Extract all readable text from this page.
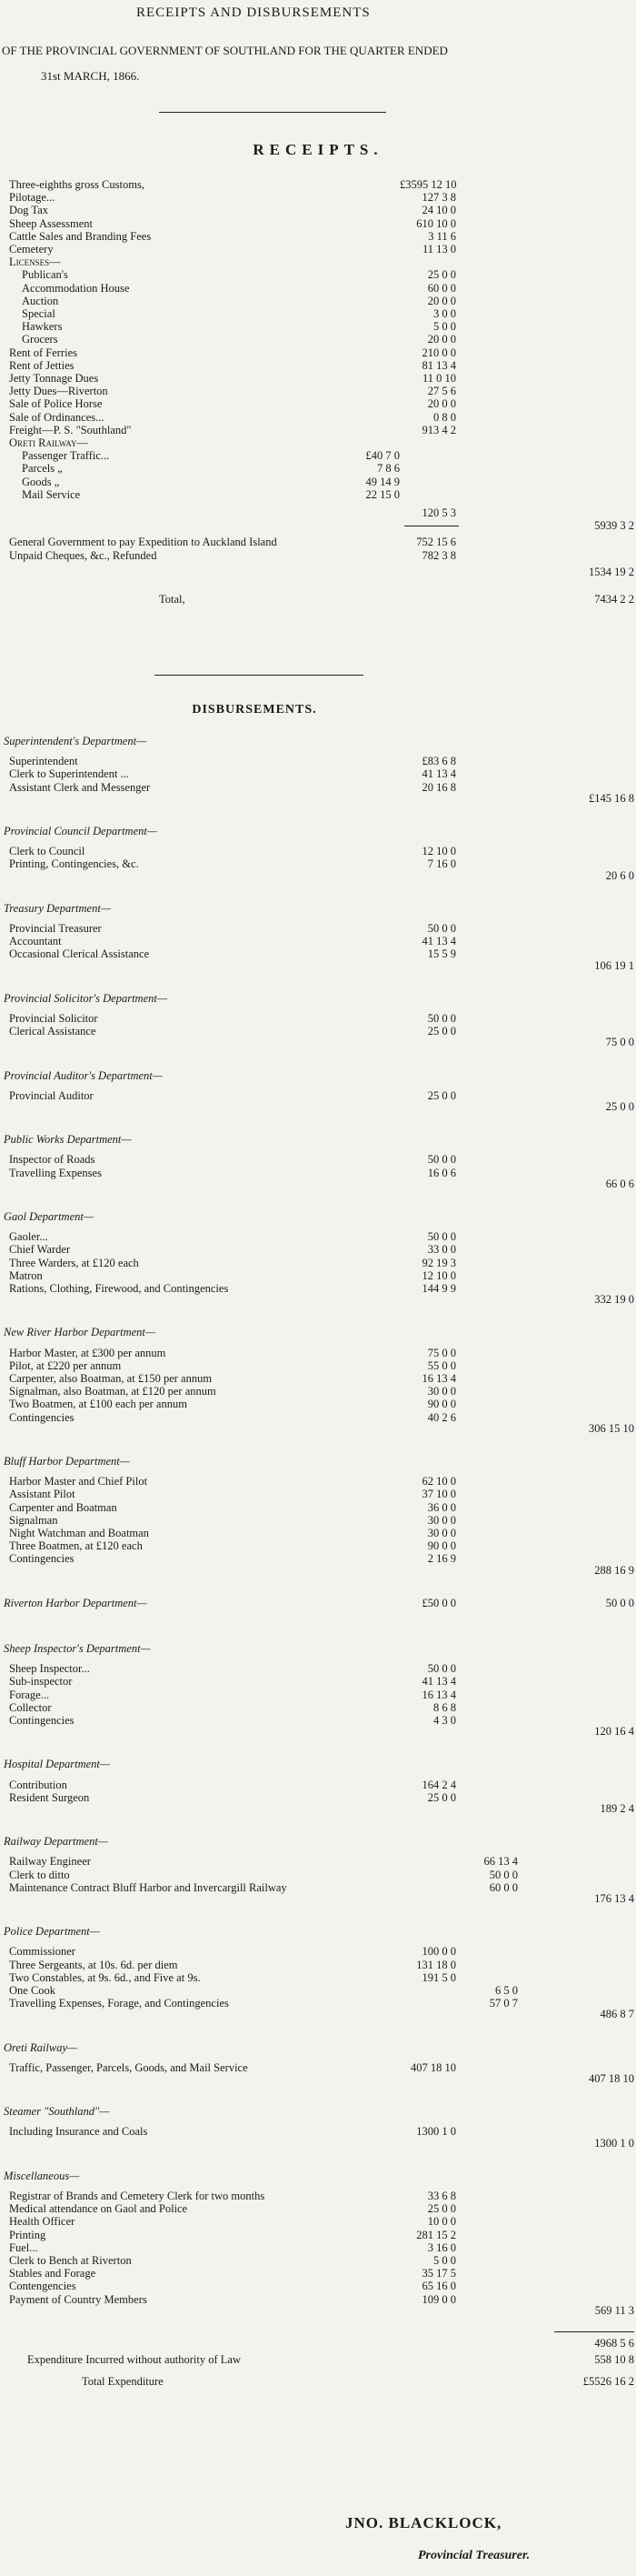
RECEIPTS AND DISBURSEMENTS
OF THE PROVINCIAL GOVERNMENT OF SOUTHLAND FOR THE QUARTER ENDED
31st MARCH, 1866.
RECEIPTS.
Three-eighths gross Customs,	£3595 12 10
Pilotage...	127 3 8
Dog Tax	24 10 0
Sheep Assessment	610 10 0
Cattle Sales and Branding Fees	3 11 6
Cemetery	11 13 0
Licenses—
Publican's	25 0 0
Accommodation House	60 0 0
Auction	20 0 0
Special	3 0 0
Hawkers	5 0 0
Grocers	20 0 0
Rent of Ferries	210 0 0
Rent of Jetties	81 13 4
Jetty Tonnage Dues	11 0 10
Jetty Dues—Riverton	27 5 6
Sale of Police Horse	20 0 0
Sale of Ordinances...	0 8 0
Freight—P. S. "Southland"	913 4 2
Oreti Railway—
Passenger Traffic...	£40 7 0
Parcels „	7 8 6
Goods „	49 14 9
Mail Service	22 15 0
120 5 3
5939 3 2
General Government to pay Expedition to Auckland Island	752 15 6
Unpaid Cheques, &c., Refunded	782 3 8
1534 19 2
Total,	7434 2 2
DISBURSEMENTS.
Superintendent's Department—
Superintendent	£83 6 8
Clerk to Superintendent ...	41 13 4
Assistant Clerk and Messenger	20 16 8
£145 16 8
Provincial Council Department—
Clerk to Council	12 10 0
Printing, Contingencies, &c.	7 16 0
20 6 0
Treasury Department—
Provincial Treasurer	50 0 0
Accountant	41 13 4
Occasional Clerical Assistance	15 5 9
106 19 1
Provincial Solicitor's Department—
Provincial Solicitor	50 0 0
Clerical Assistance	25 0 0
75 0 0
Provincial Auditor's Department—
Provincial Auditor	25 0 0
25 0 0
Public Works Department—
Inspector of Roads	50 0 0
Travelling Expenses	16 0 6
66 0 6
Gaol Department—
Gaoler...	50 0 0
Chief Warder	33 0 0
Three Warders, at £120 each	92 19 3
Matron	12 10 0
Rations, Clothing, Firewood, and Contingencies	144 9 9
332 19 0
New River Harbor Department—
Harbor Master, at £300 per annum	75 0 0
Pilot, at £220 per annum	55 0 0
Carpenter, also Boatman, at £150 per annum	16 13 4
Signalman, also Boatman, at £120 per annum	30 0 0
Two Boatmen, at £100 each per annum	90 0 0
Contingencies	40 2 6
306 15 10
Bluff Harbor Department—
Harbor Master and Chief Pilot	62 10 0
Assistant Pilot	37 10 0
Carpenter and Boatman	36 0 0
Signalman	30 0 0
Night Watchman and Boatman	30 0 0
Three Boatmen, at £120 each	90 0 0
Contingencies	2 16 9
288 16 9
Riverton Harbor Department—	£50 0 0	50 0 0
Sheep Inspector's Department—
Sheep Inspector...	50 0 0
Sub-inspector	41 13 4
Forage...	16 13 4
Collector	8 6 8
Contingencies	4 3 0
120 16 4
Hospital Department—
Contribution	164 2 4
Resident Surgeon	25 0 0
189 2 4
Railway Department—
Railway Engineer	66 13 4
Clerk to ditto	50 0 0
Maintenance Contract Bluff Harbor and Invercargill Railway	60 0 0
176 13 4
Police Department—
Commissioner	100 0 0
Three Sergeants, at 10s. 6d. per diem	131 18 0
Two Constables, at 9s. 6d., and Five at 9s.	191 5 0
One Cook	6 5 0
Travelling Expenses, Forage, and Contingencies	57 0 7
486 8 7
Oreti Railway—
Traffic, Passenger, Parcels, Goods, and Mail Service	407 18 10
407 18 10
Steamer "Southland"—
Including Insurance and Coals	1300 1 0
1300 1 0
Miscellaneous—
Registrar of Brands and Cemetery Clerk for two months	33 6 8
Medical attendance on Gaol and Police	25 0 0
Health Officer	10 0 0
Printing	281 15 2
Fuel...	3 16 0
Clerk to Bench at Riverton	5 0 0
Stables and Forage	35 17 5
Contengencies	65 16 0
Payment of Country Members	109 0 0
569 11 3
4968 5 6
Expenditure Incurred without authority of Law	558 10 8
Total Expenditure	£5526 16 2
JNO. BLACKLOCK,
Provincial Treasurer.
